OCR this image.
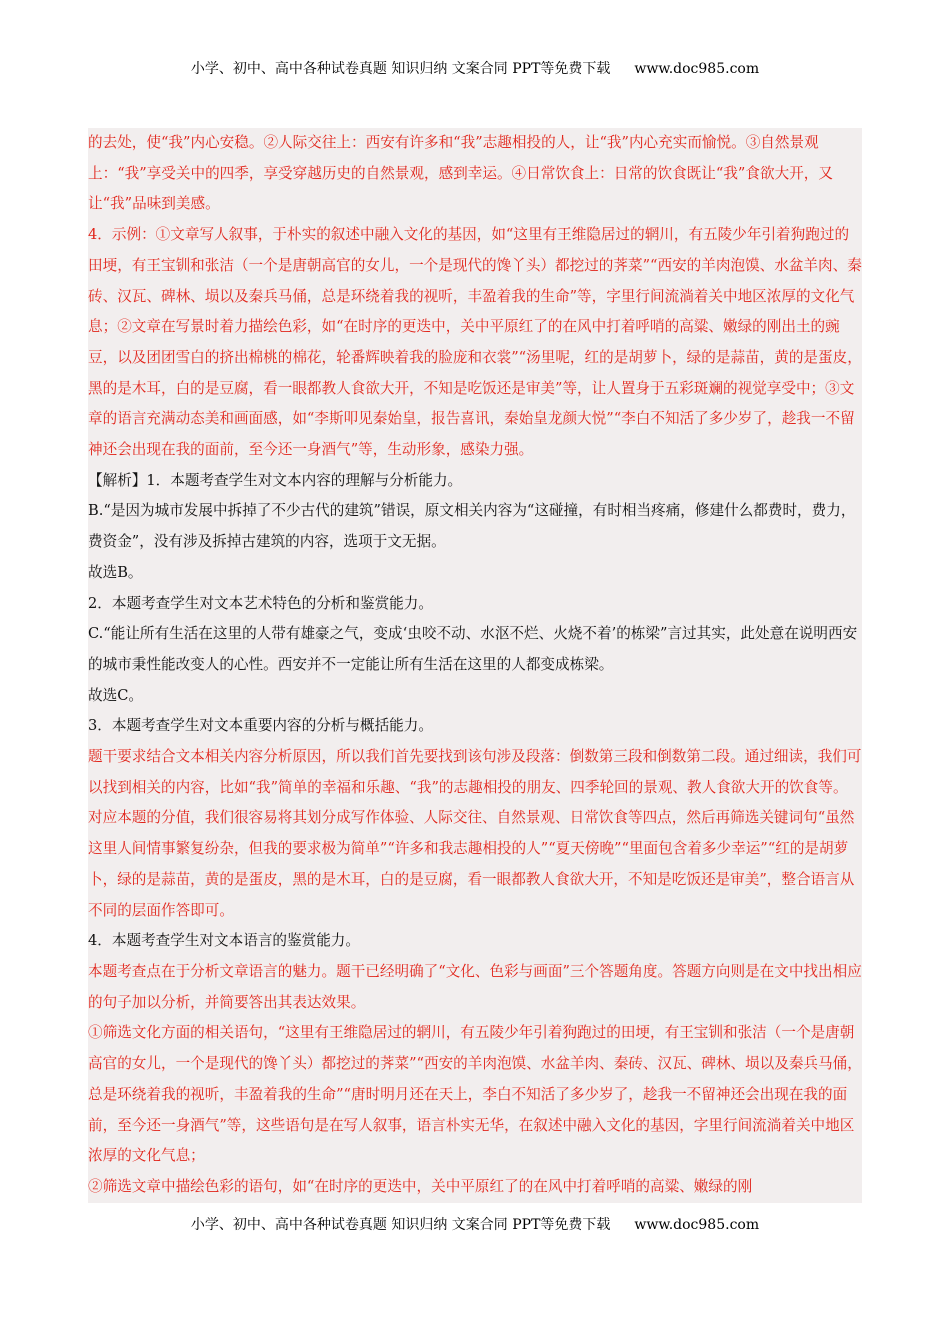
小学、初中、高中各种试卷真题 知识归纳 文案合同 PPT等免费下载 www.doc985.com

的去处，使“我”内心安稳。②人际交往上：西安有许多和“我”志趣相投的人，让“我”内心充实而愉悦。③自然景观上：“我”享受关中的四季，享受穿越历史的自然景观，感到幸运。④日常饮食上：日常的饮食既让“我”食欲大开，又让“我”品味到美感。

4．示例：①文章写人叙事，于朴实的叙述中融入文化的基因，如“这里有王维隐居过的辋川，有五陵少年引着狗跑过的田埂，有王宝钏和张洁（一个是唐朝高官的女儿，一个是现代的馋丫头）都挖过的荠菜”“西安的羊肉泡馍、水盆羊肉、秦砖、汉瓦、碑林、埙以及秦兵马俑，总是环绕着我的视听，丰盈着我的生命”等，字里行间流淌着关中地区浓厚的文化气息；②文章在写景时着力描绘色彩，如“在时序的更迭中，关中平原红了的在风中打着呼哨的高粱、嫩绿的刚出土的豌豆，以及团团雪白的挤出棉桃的棉花，轮番辉映着我的脸庞和衣裳”“汤里呢，红的是胡萝卜，绿的是蒜苗，黄的是蛋皮，黑的是木耳，白的是豆腐，看一眼都教人食欲大开，不知是吃饭还是审美”等，让人置身于五彩斑斓的视觉享受中；③文章的语言充满动态美和画面感，如“李斯叩见秦始皇，报告喜讯，秦始皇龙颜大悦”“李白不知活了多少岁了，趁我一不留神还会出现在我的面前，至今还一身酒气”等，生动形象，感染力强。

【解析】1．本题考查学生对文本内容的理解与分析能力。

B.“是因为城市发展中拆掉了不少古代的建筑”错误，原文相关内容为“这碰撞，有时相当疼痛，修建什么都费时，费力，费资金”，没有涉及拆掉古建筑的内容，选项于文无据。

故选B。

2．本题考查学生对文本艺术特色的分析和鉴赏能力。

C.“能让所有生活在这里的人带有雄豪之气，变成‘虫咬不动、水沤不烂、火烧不着’的栋梁”言过其实，此处意在说明西安的城市秉性能改变人的心性。西安并不一定能让所有生活在这里的人都变成栋梁。

故选C。

3．本题考查学生对文本重要内容的分析与概括能力。

题干要求结合文本相关内容分析原因，所以我们首先要找到该句涉及段落：倒数第三段和倒数第二段。通过细读，我们可以找到相关的内容，比如“我”简单的幸福和乐趣、“我”的志趣相投的朋友、四季轮回的景观、教人食欲大开的饮食等。

对应本题的分值，我们很容易将其划分成写作体验、人际交往、自然景观、日常饮食等四点，然后再筛选关键词句“虽然这里人间情事繁复纷杂，但我的要求极为简单”“许多和我志趣相投的人”“夏天傍晚”“里面包含着多少幸运”“红的是胡萝卜，绿的是蒜苗，黄的是蛋皮，黑的是木耳，白的是豆腐，看一眼都教人食欲大开，不知是吃饭还是审美”，整合语言从不同的层面作答即可。

4．本题考查学生对文本语言的鉴赏能力。

本题考查点在于分析文章语言的魅力。题干已经明确了“文化、色彩与画面”三个答题角度。答题方向则是在文中找出相应的句子加以分析，并简要答出其表达效果。

①筛选文化方面的相关语句，“这里有王维隐居过的辋川，有五陵少年引着狗跑过的田埂，有王宝钏和张洁（一个是唐朝高官的女儿，一个是现代的馋丫头）都挖过的荠菜”“西安的羊肉泡馍、水盆羊肉、秦砖、汉瓦、碑林、埙以及秦兵马俑，总是环绕着我的视听，丰盈着我的生命”“唐时明月还在天上，李白不知活了多少岁了，趁我一不留神还会出现在我的面前，至今还一身酒气”等，这些语句是在写人叙事，语言朴实无华，在叙述中融入文化的基因，字里行间流淌着关中地区浓厚的文化气息；

②筛选文章中描绘色彩的语句，如“在时序的更迭中，关中平原红了的在风中打着呼哨的高粱、嫩绿的刚

小学、初中、高中各种试卷真题 知识归纳 文案合同 PPT等免费下载 www.doc985.com
